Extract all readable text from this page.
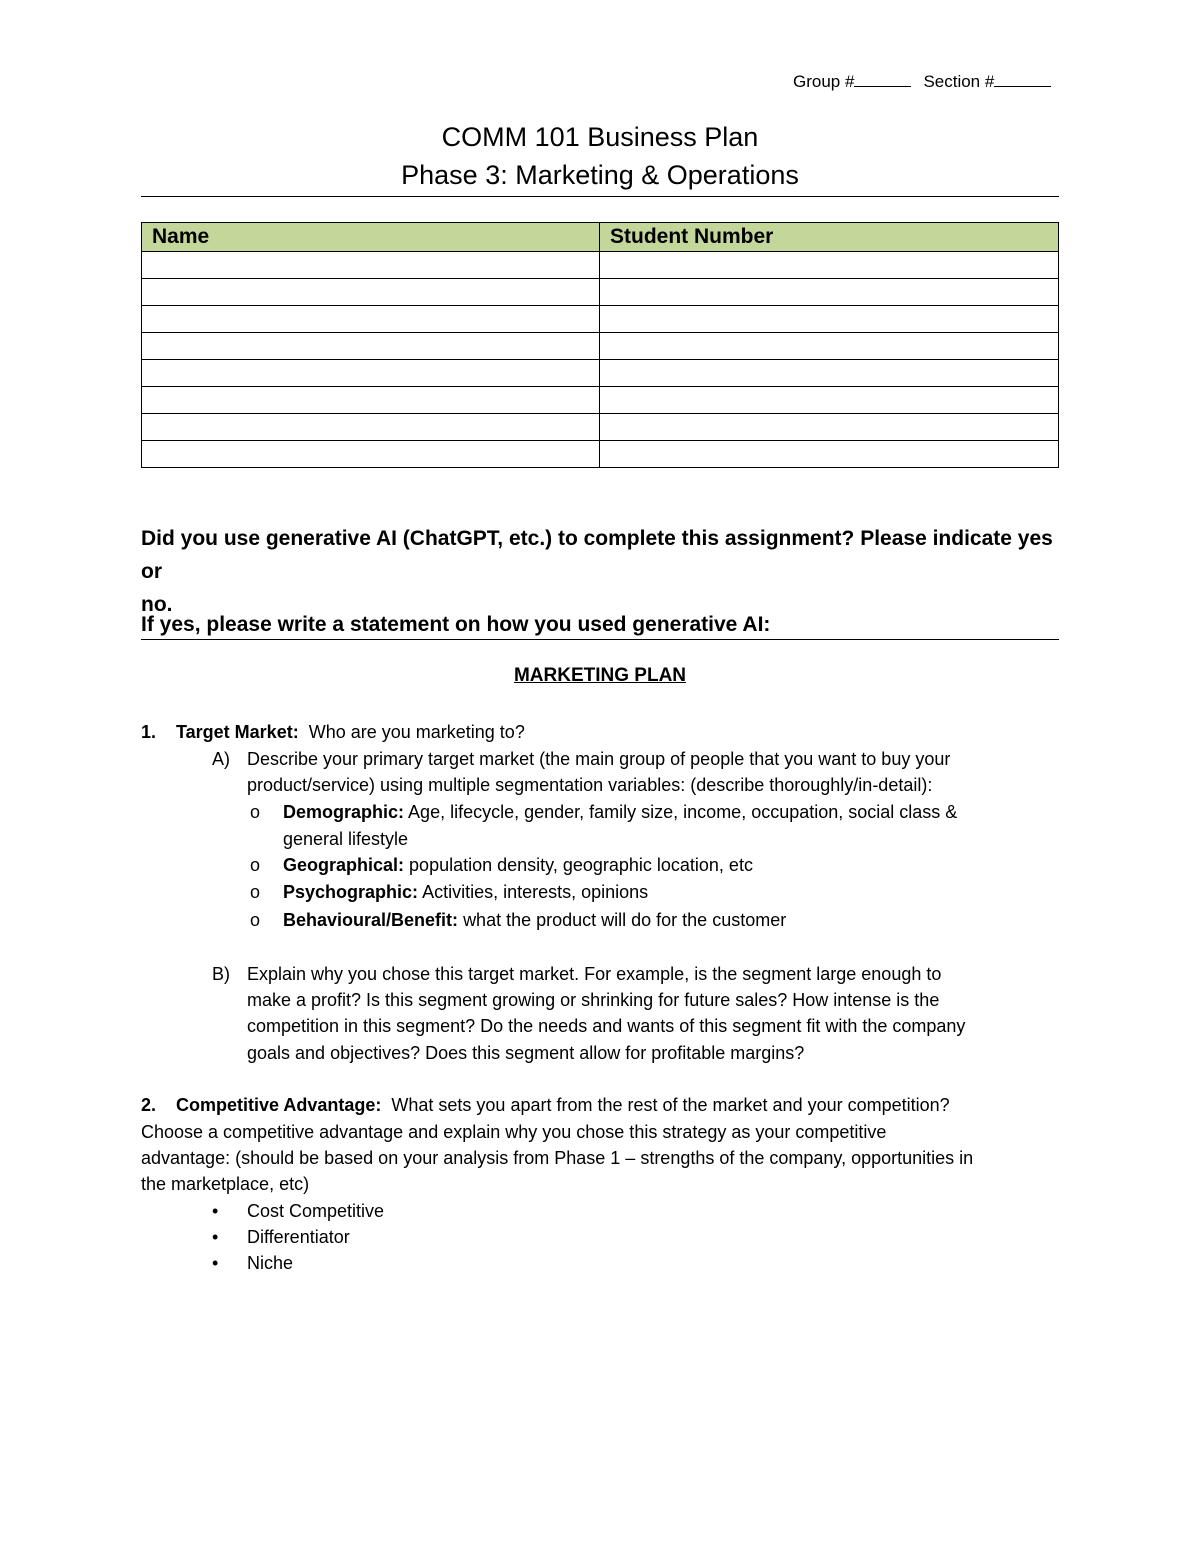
Group #	Section #
COMM 101 Business Plan
Phase 3: Marketing & Operations
Name	Student Number

Did you use generative AI (ChatGPT, etc.) to complete this assignment? Please indicate yes or
no.
If yes, please write a statement on how you used generative AI:
MARKETING PLAN
1. Target Market: Who are you marketing to?
A) Describe your primary target market (the main group of people that you want to buy your
product/service) using multiple segmentation variables: (describe thoroughly/in-detail):
o Demographic: Age, lifecycle, gender, family size, income, occupation, social class &
general lifestyle
o Geographical: population density, geographic location, etc
o Psychographic: Activities, interests, opinions
o Behavioural/Benefit: what the product will do for the customer
B) Explain why you chose this target market. For example, is the segment large enough to
make a profit? Is this segment growing or shrinking for future sales? How intense is the
competition in this segment? Do the needs and wants of this segment fit with the company
goals and objectives? Does this segment allow for profitable margins?
2. Competitive Advantage: What sets you apart from the rest of the market and your competition?
Choose a competitive advantage and explain why you chose this strategy as your competitive
advantage: (should be based on your analysis from Phase 1 – strengths of the company, opportunities in
the marketplace, etc)
• Cost Competitive
• Differentiator
• Niche
